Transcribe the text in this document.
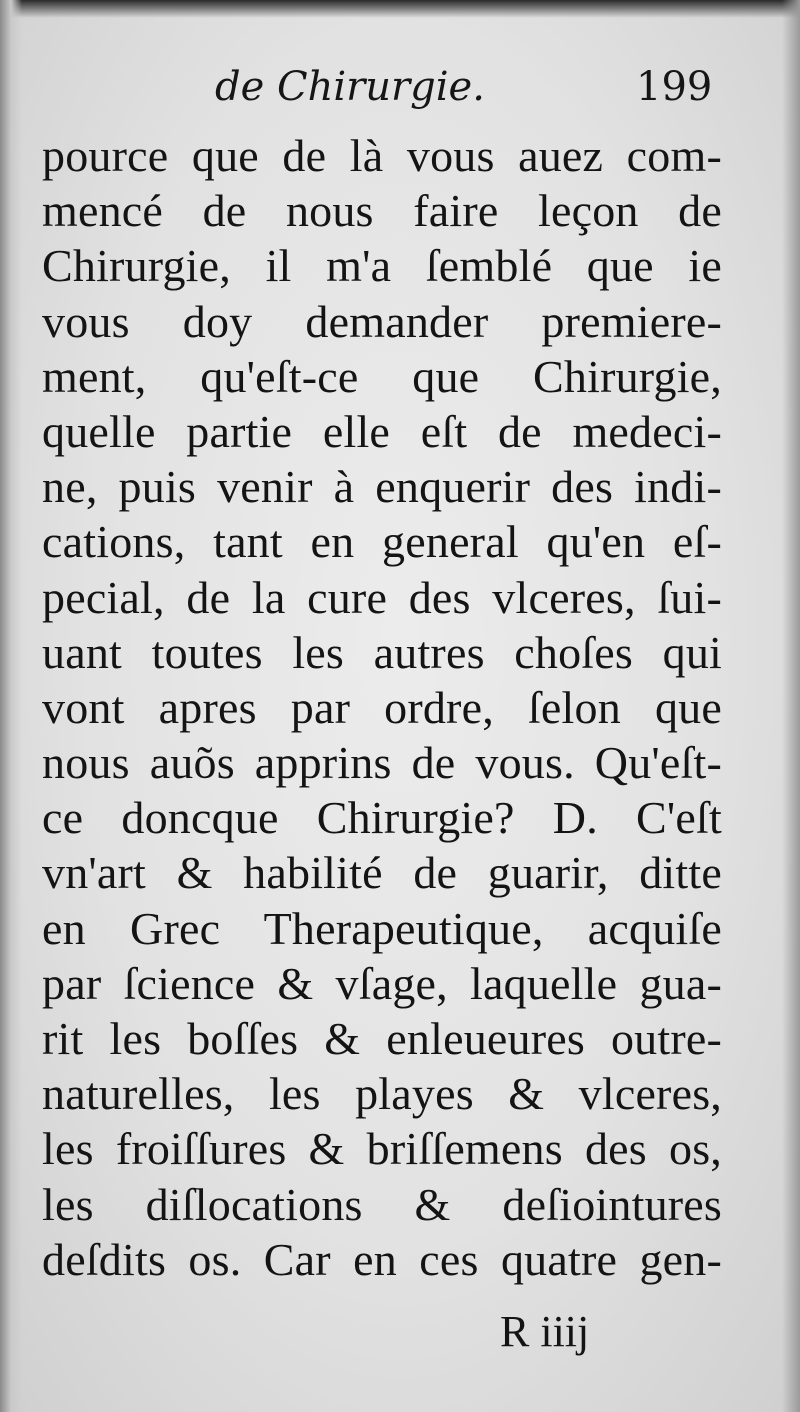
de Chirurgie.	199
pource que de là vous auez com-
mencé de nous faire leçon de
Chirurgie, il m'a ſemblé que ie
vous doy demander premiere-
ment, qu'eſt-ce que Chirurgie,
quelle partie elle eſt de medeci-
ne, puis venir à enquerir des indi-
cations, tant en general qu'en eſ-
pecial, de la cure des vlceres, ſui-
uant toutes les autres choſes qui
vont apres par ordre, ſelon que
nous auõs apprins de vous. Qu'eſt-
ce doncque Chirurgie? D. C'eſt
vn'art & habilité de guarir, ditte
en Grec Therapeutique, acquiſe
par ſcience & vſage, laquelle gua-
rit les boſſes & enleueures outre-
naturelles, les playes & vlceres,
les froiſſures & briſſemens des os,
les diſlocations & deſiointures
deſdits os. Car en ces quatre gen-
R iiij
